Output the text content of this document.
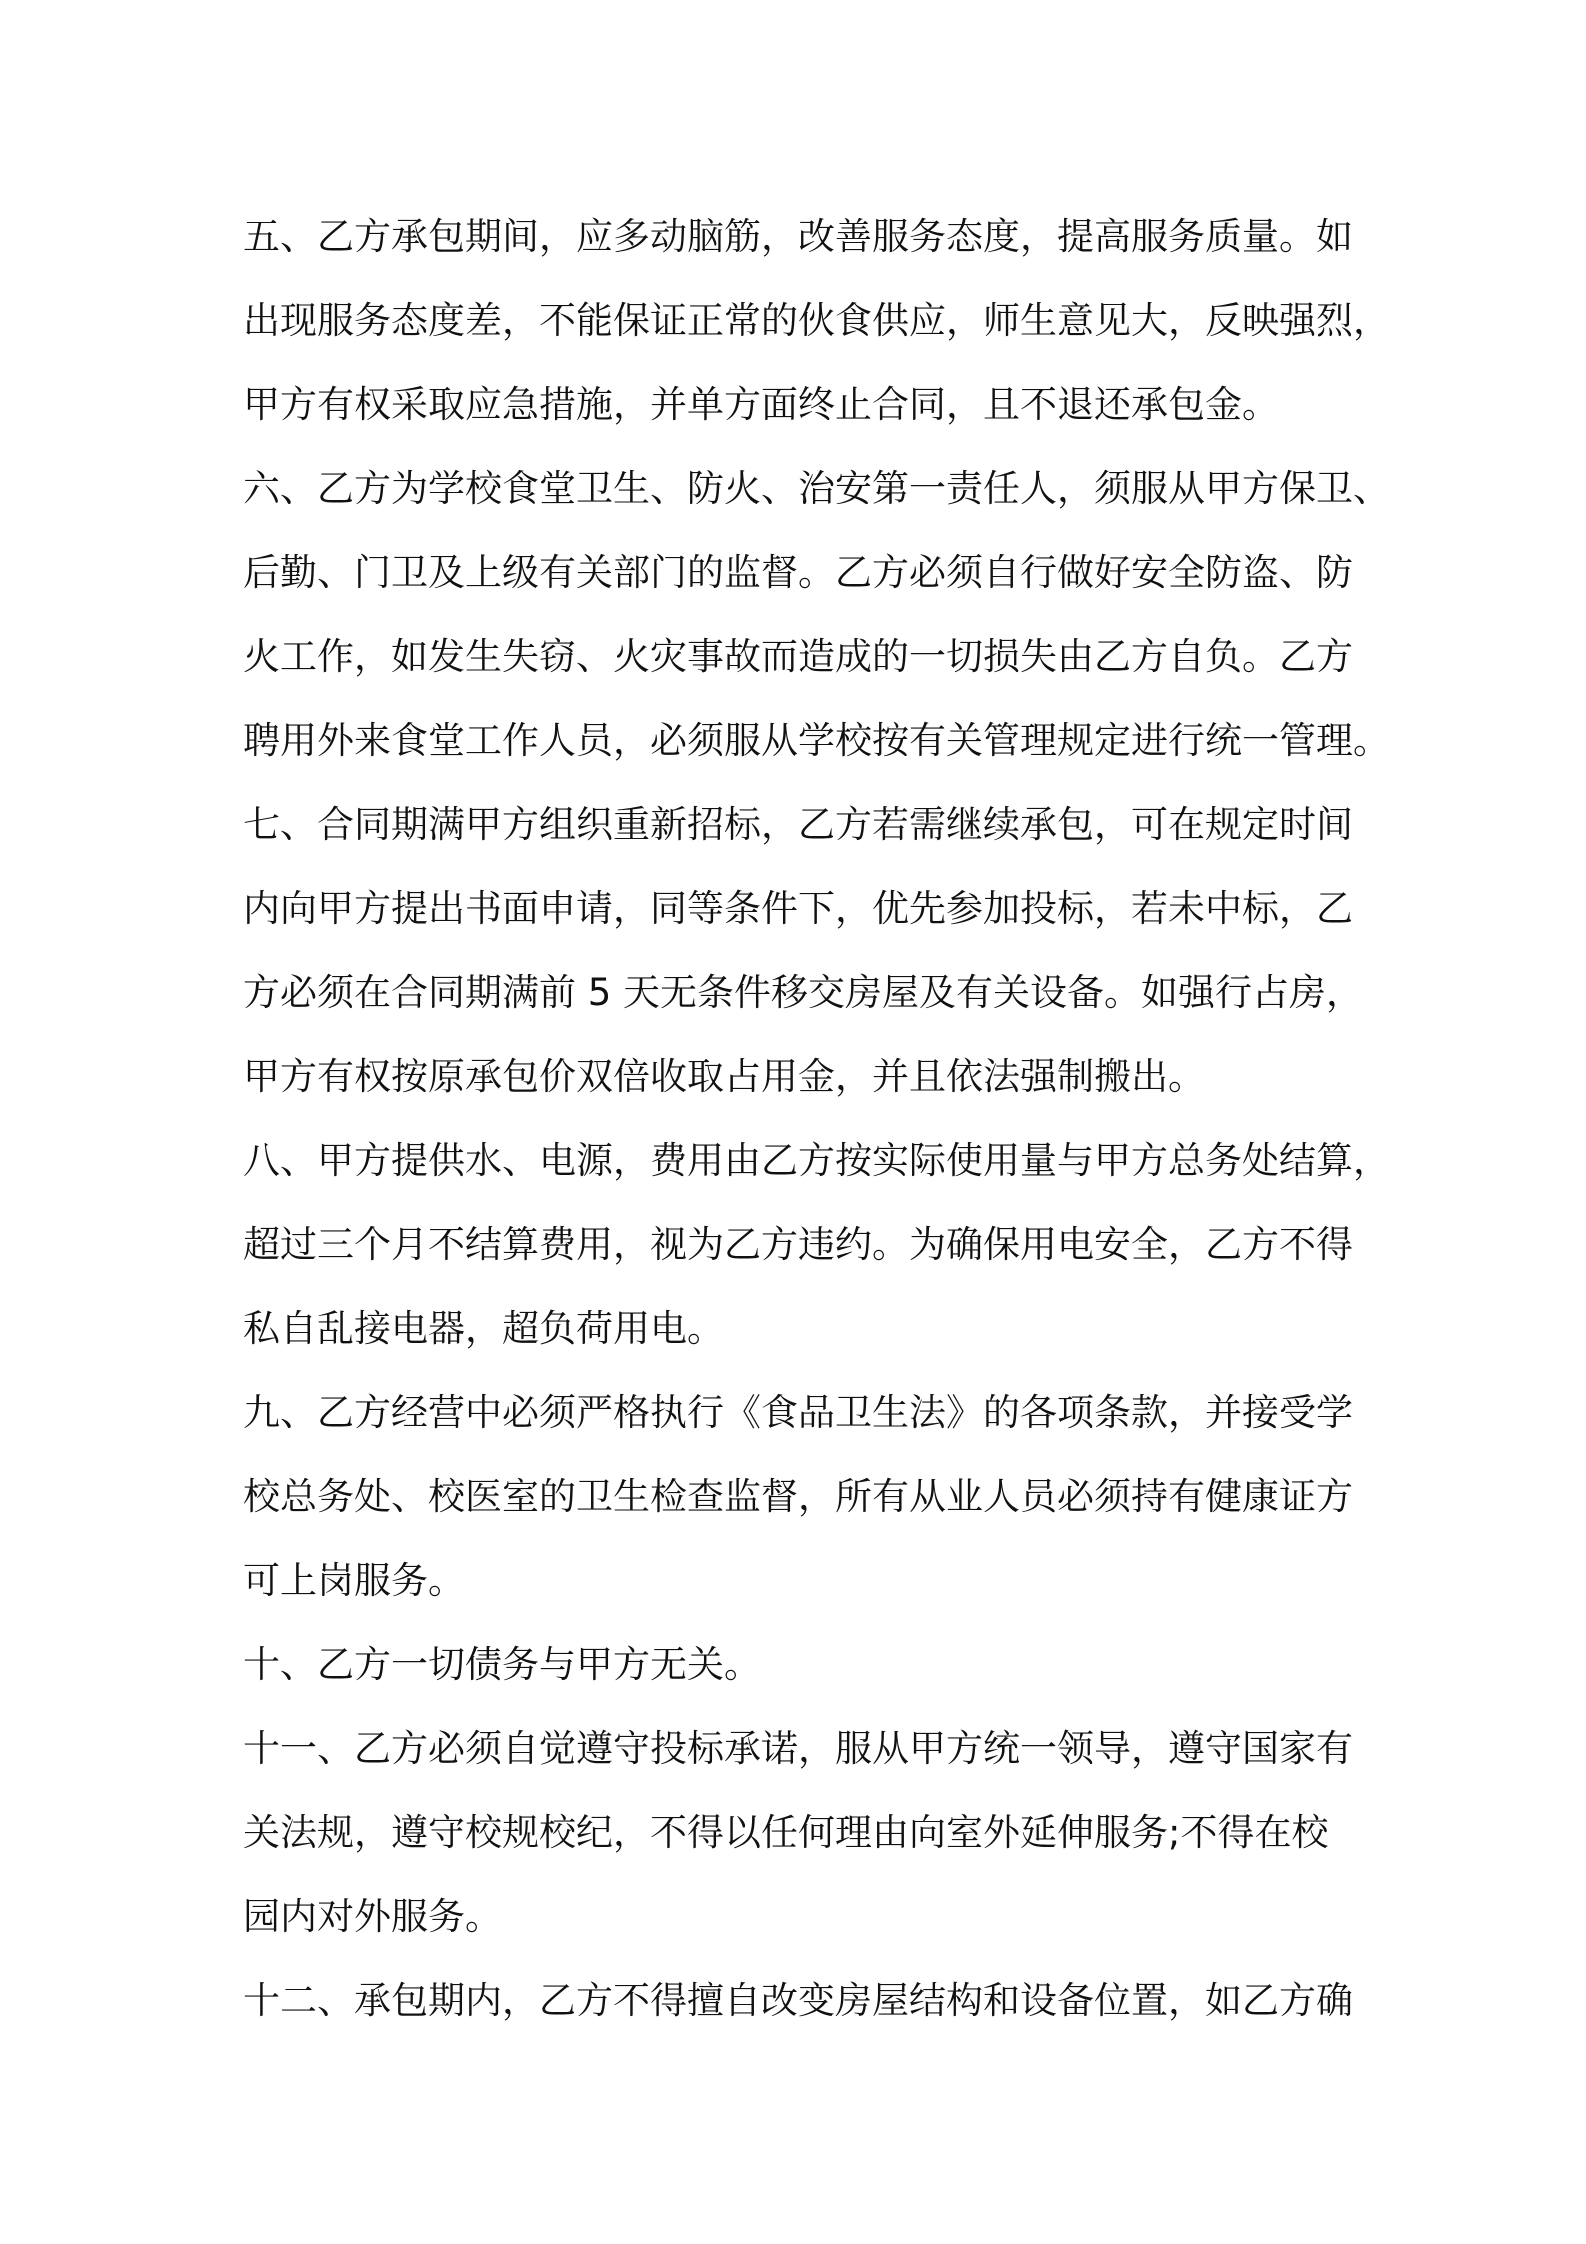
五、乙方承包期间，应多动脑筋，改善服务态度，提高服务质量。如
出现服务态度差，不能保证正常的伙食供应，师生意见大，反映强烈，
甲方有权采取应急措施，并单方面终止合同，且不退还承包金。
六、乙方为学校食堂卫生、防火、治安第一责任人，须服从甲方保卫、
后勤、门卫及上级有关部门的监督。乙方必须自行做好安全防盗、防
火工作，如发生失窃、火灾事故而造成的一切损失由乙方自负。乙方
聘用外来食堂工作人员，必须服从学校按有关管理规定进行统一管理。
七、合同期满甲方组织重新招标，乙方若需继续承包，可在规定时间
内向甲方提出书面申请，同等条件下，优先参加投标，若未中标，乙
方必须在合同期满前 5 天无条件移交房屋及有关设备。如强行占房，
甲方有权按原承包价双倍收取占用金，并且依法强制搬出。
八、甲方提供水、电源，费用由乙方按实际使用量与甲方总务处结算，
超过三个月不结算费用，视为乙方违约。为确保用电安全，乙方不得
私自乱接电器，超负荷用电。
九、乙方经营中必须严格执行《食品卫生法》的各项条款，并接受学
校总务处、校医室的卫生检查监督，所有从业人员必须持有健康证方
可上岗服务。
十、乙方一切债务与甲方无关。
十一、乙方必须自觉遵守投标承诺，服从甲方统一领导，遵守国家有
关法规，遵守校规校纪，不得以任何理由向室外延伸服务;不得在校
园内对外服务。
十二、承包期内，乙方不得擅自改变房屋结构和设备位置，如乙方确
